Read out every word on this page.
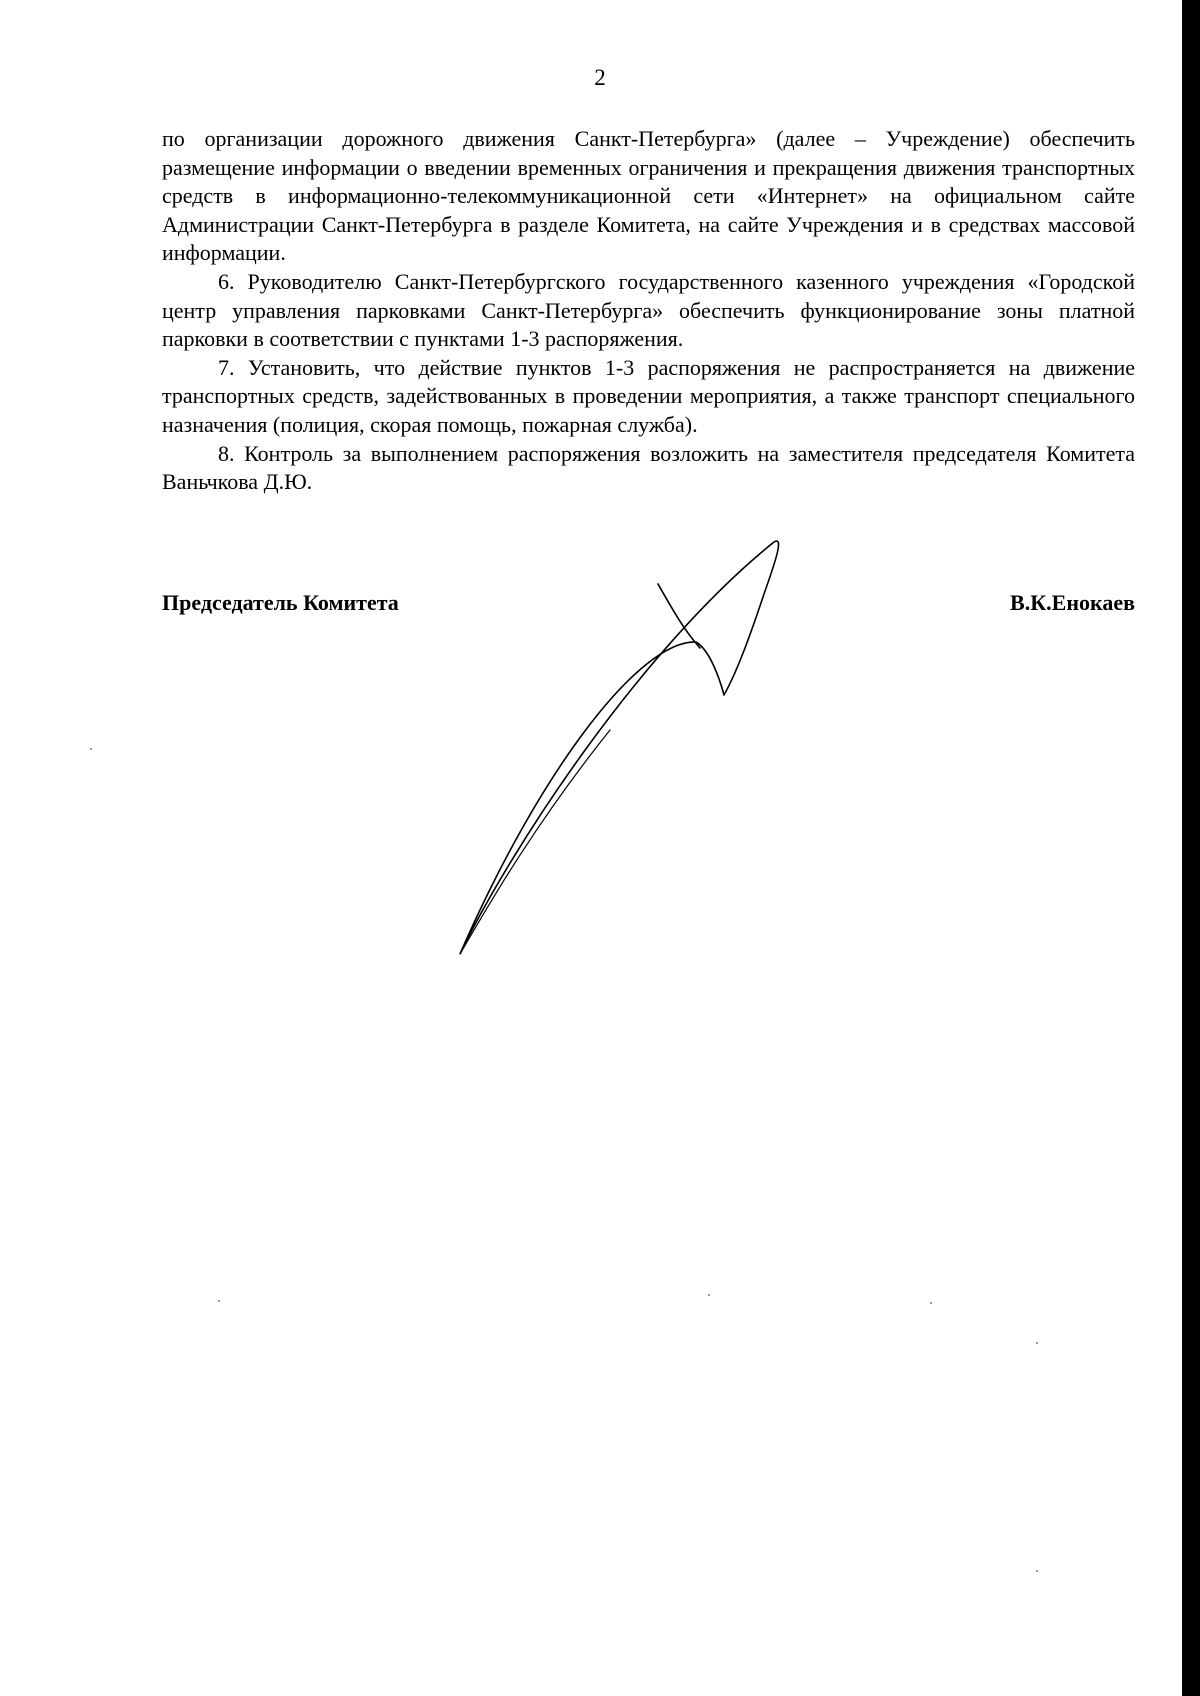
2

по организации дорожного движения Санкт-Петербурга» (далее – Учреждение) обеспечить размещение информации о введении временных ограничения и прекращения движения транспортных средств в информационно-телекоммуникационной сети «Интернет» на официальном сайте Администрации Санкт-Петербурга в разделе Комитета, на сайте Учреждения и в средствах массовой информации.

6. Руководителю Санкт-Петербургского государственного казенного учреждения «Городской центр управления парковками Санкт-Петербурга» обеспечить функционирование зоны платной парковки в соответствии с пунктами 1-3 распоряжения.

7. Установить, что действие пунктов 1-3 распоряжения не распространяется на движение транспортных средств, задействованных в проведении мероприятия, а также транспорт специального назначения (полиция, скорая помощь, пожарная служба).

8. Контроль за выполнением распоряжения возложить на заместителя председателя Комитета Ваньчкова Д.Ю.

Председатель Комитета	В.К.Енокаев
